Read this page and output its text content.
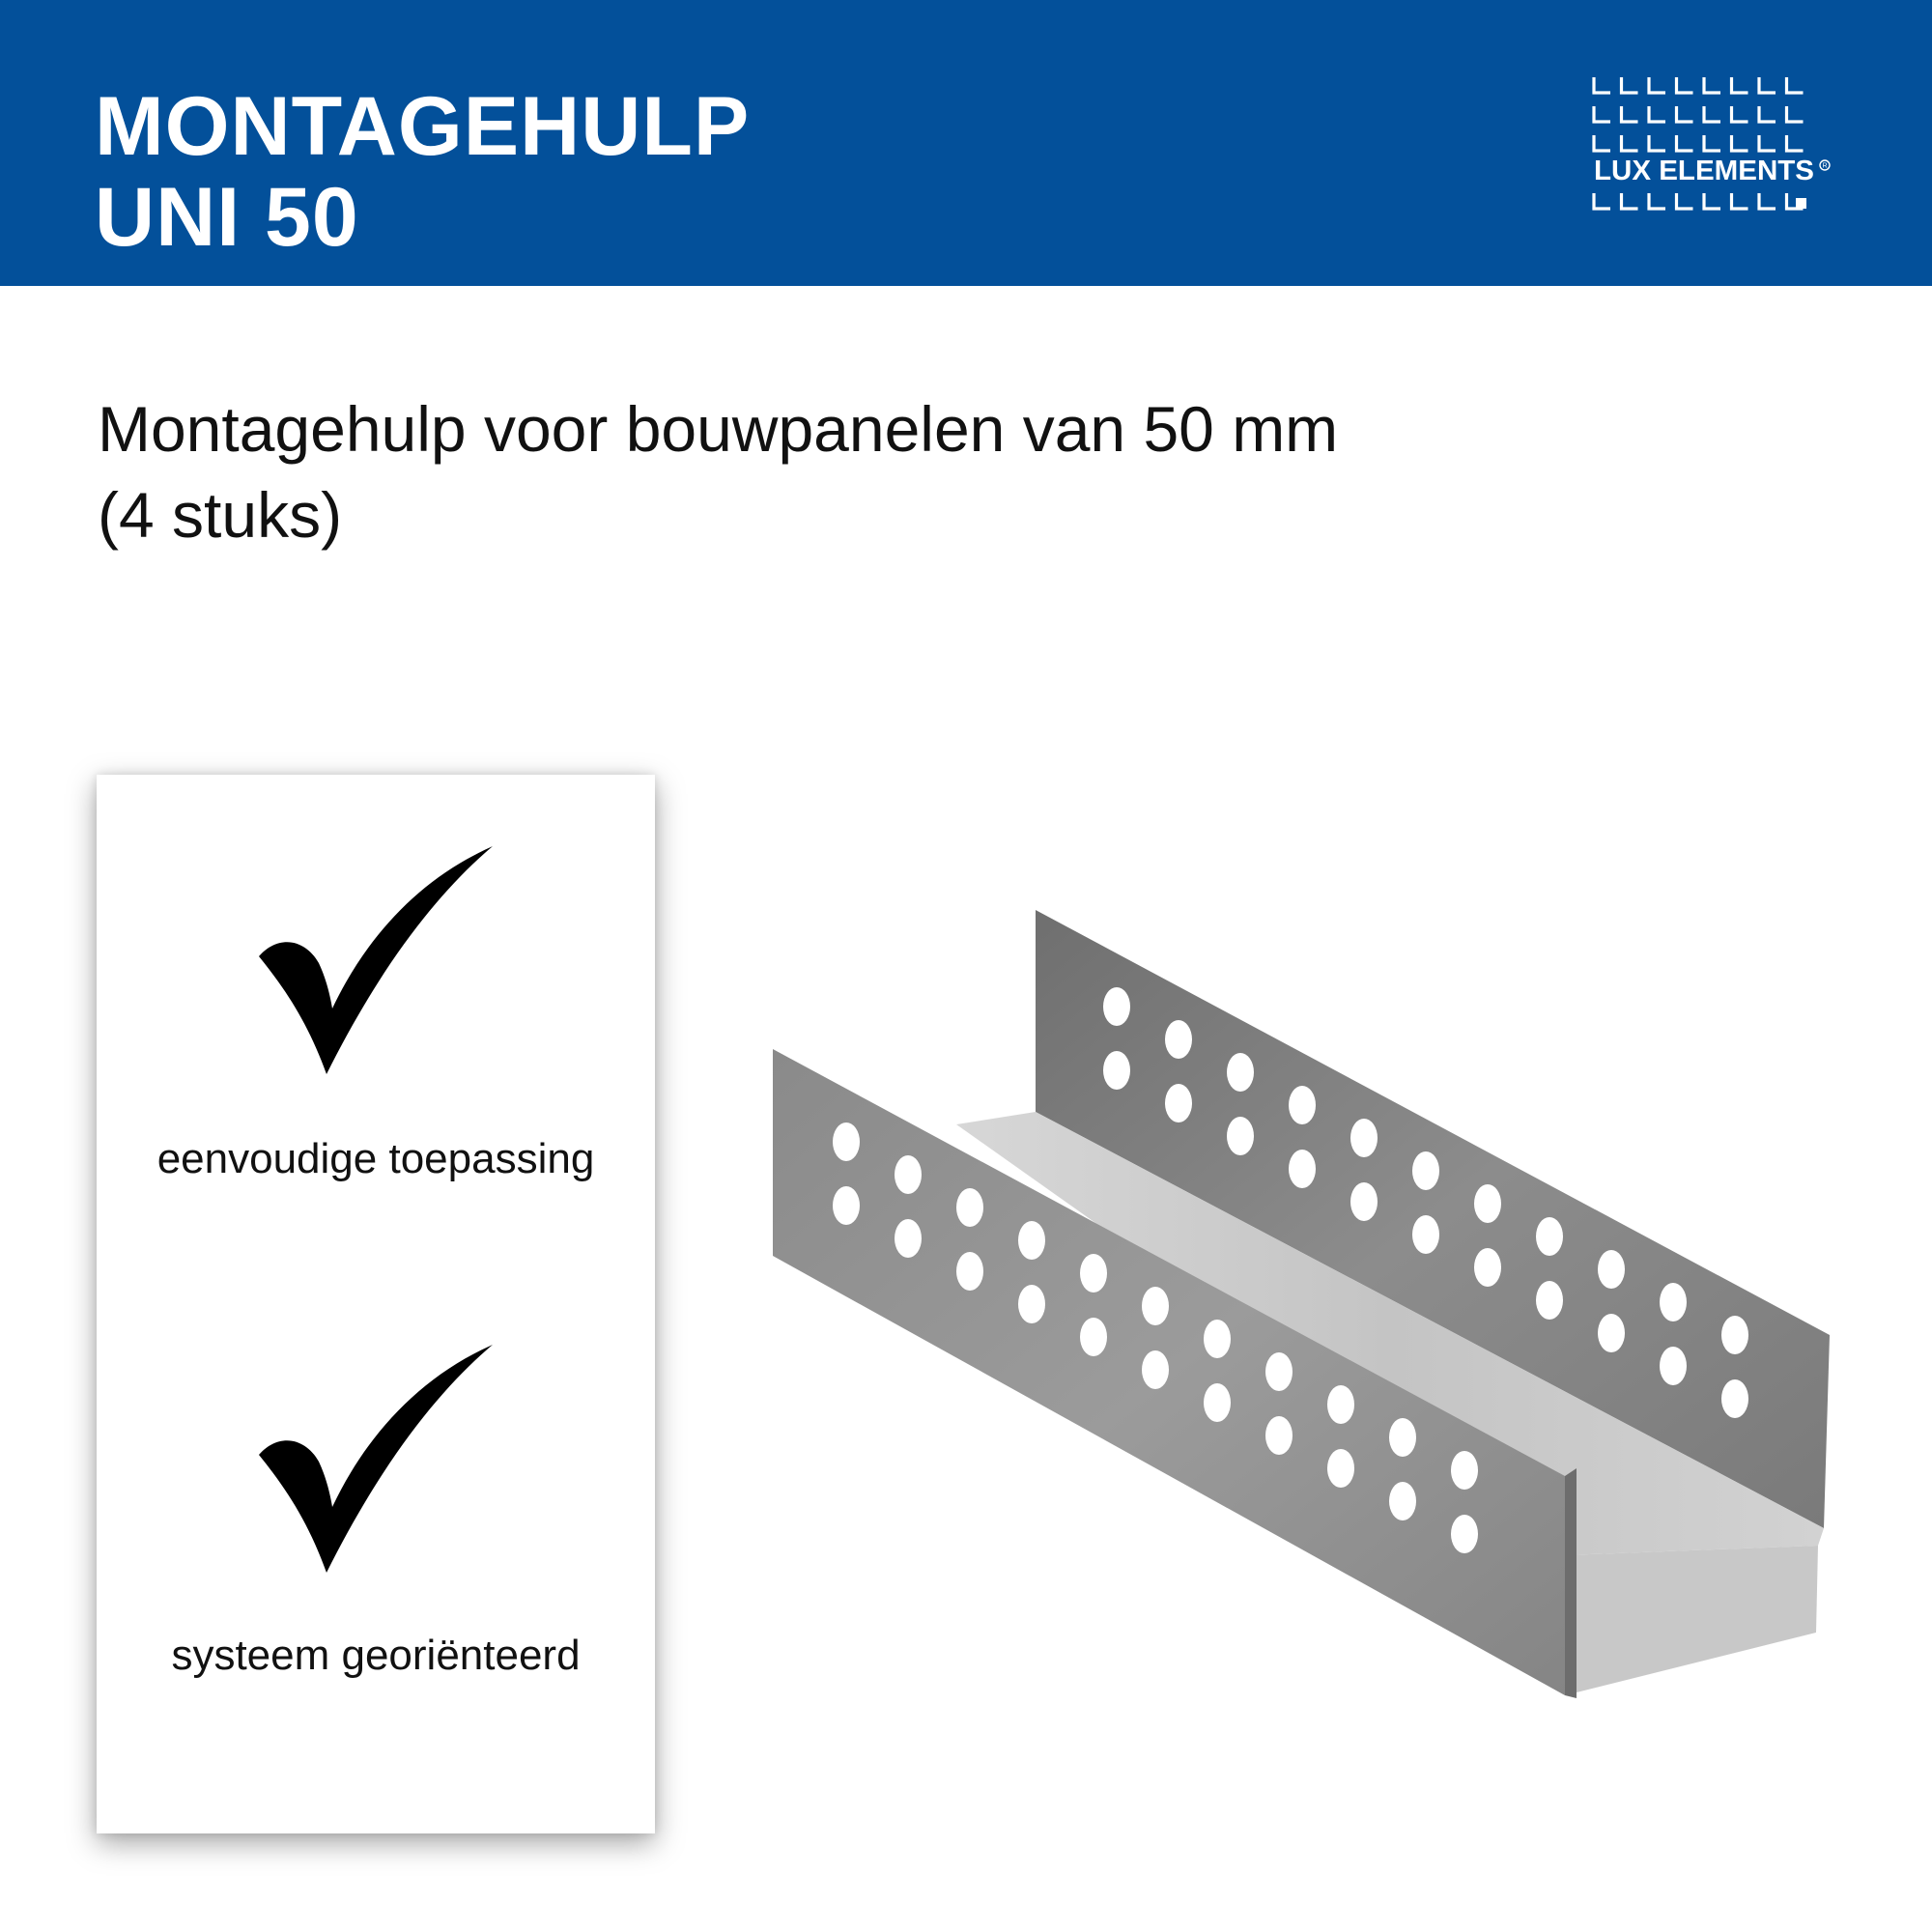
MONTAGEHULP
UNI 50	LUX ELEMENTS R

Montagehulp voor bouwpanelen van 50 mm
(4 stuks)

eenvoudige toepassing
systeem georiënteerd
